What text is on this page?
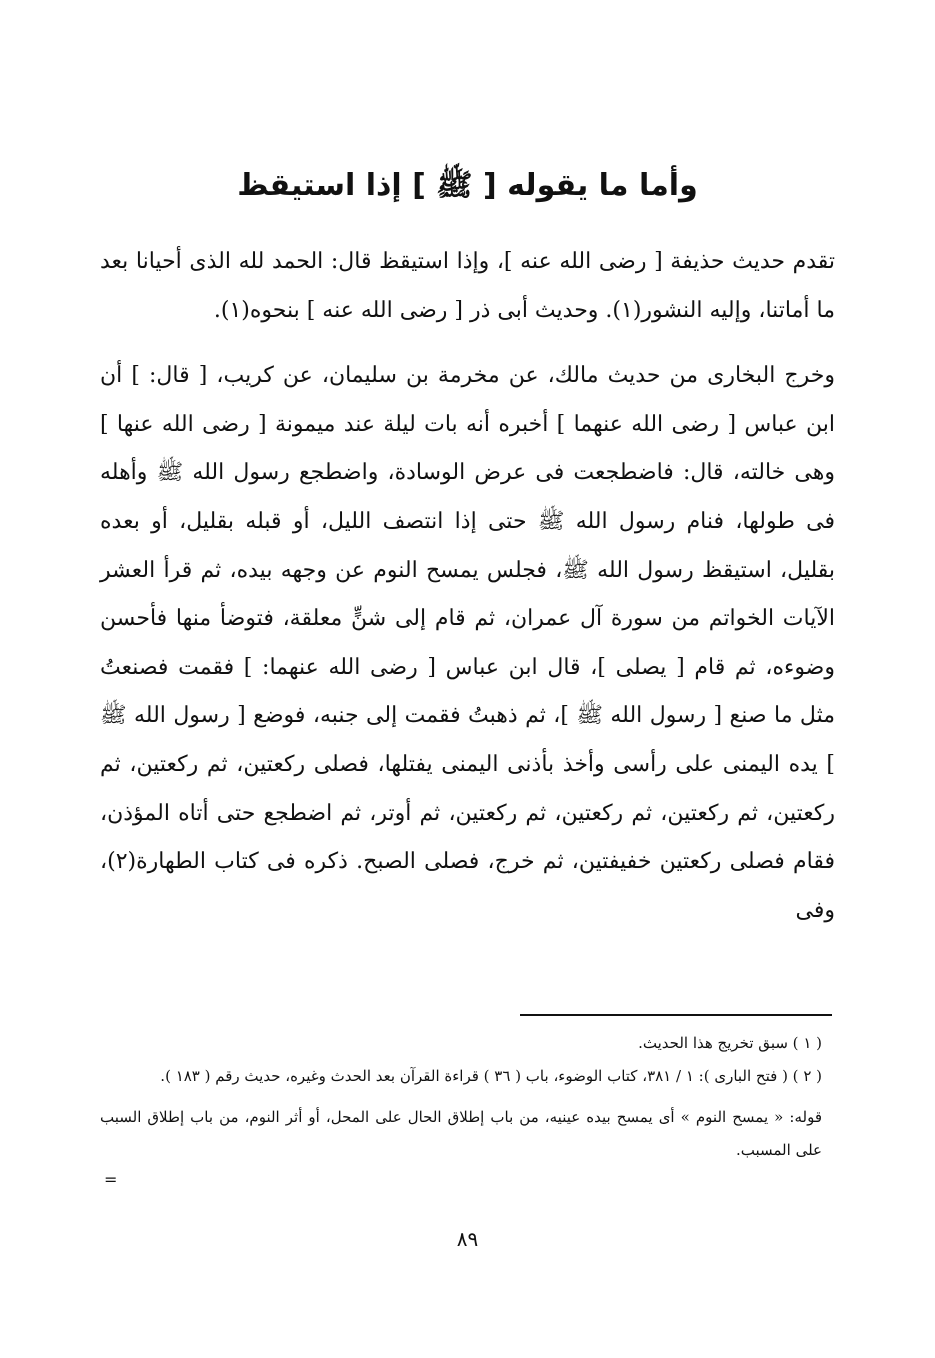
وأما ما يقوله [ ﷺ ] إذا استيقظ

تقدم حديث حذيفة [ رضى الله عنه ]، وإذا استيقظ قال: الحمد لله الذى أحيانا بعد ما أماتنا، وإليه النشور(١). وحديث أبى ذر [ رضى الله عنه ] بنحوه(١).

وخرج البخارى من حديث مالك، عن مخرمة بن سليمان، عن كريب، [ قال: ] أن ابن عباس [ رضى الله عنهما ] أخبره أنه بات ليلة عند ميمونة [ رضى الله عنها ] وهى خالته، قال: فاضطجعت فى عرض الوسادة، واضطجع رسول الله ﷺ وأهله فى طولها، فنام رسول الله ﷺ حتى إذا انتصف الليل، أو قبله بقليل، أو بعده بقليل، استيقظ رسول الله ﷺ، فجلس يمسح النوم عن وجهه بيده، ثم قرأ العشر الآيات الخواتم من سورة آل عمران، ثم قام إلى شنٍّ معلقة، فتوضأ منها فأحسن وضوءه، ثم قام [ يصلى ]، قال ابن عباس [ رضى الله عنهما: ] فقمت فصنعتُ مثل ما صنع [ رسول الله ﷺ ]، ثم ذهبتُ فقمت إلى جنبه، فوضع [ رسول الله ﷺ ] يده اليمنى على رأسى وأخذ بأذنى اليمنى يفتلها، فصلى ركعتين، ثم ركعتين، ثم ركعتين، ثم ركعتين، ثم ركعتين، ثم ركعتين، ثم أوتر، ثم اضطجع حتى أتاه المؤذن، فقام فصلى ركعتين خفيفتين، ثم خرج، فصلى الصبح. ذكره فى كتاب الطهارة(٢)، وفى

( ١ ) سبق تخريج هذا الحديث.

( ٢ ) ( فتح البارى ): ١ / ٣٨١، كتاب الوضوء، باب ( ٣٦ ) قراءة القرآن بعد الحدث وغيره، حديث رقم ( ١٨٣ ).

قوله: « يمسح النوم » أى يمسح بيده عينيه، من باب إطلاق الحال على المحل، أو أثر النوم، من باب إطلاق السبب على المسبب.

=
٨٩
